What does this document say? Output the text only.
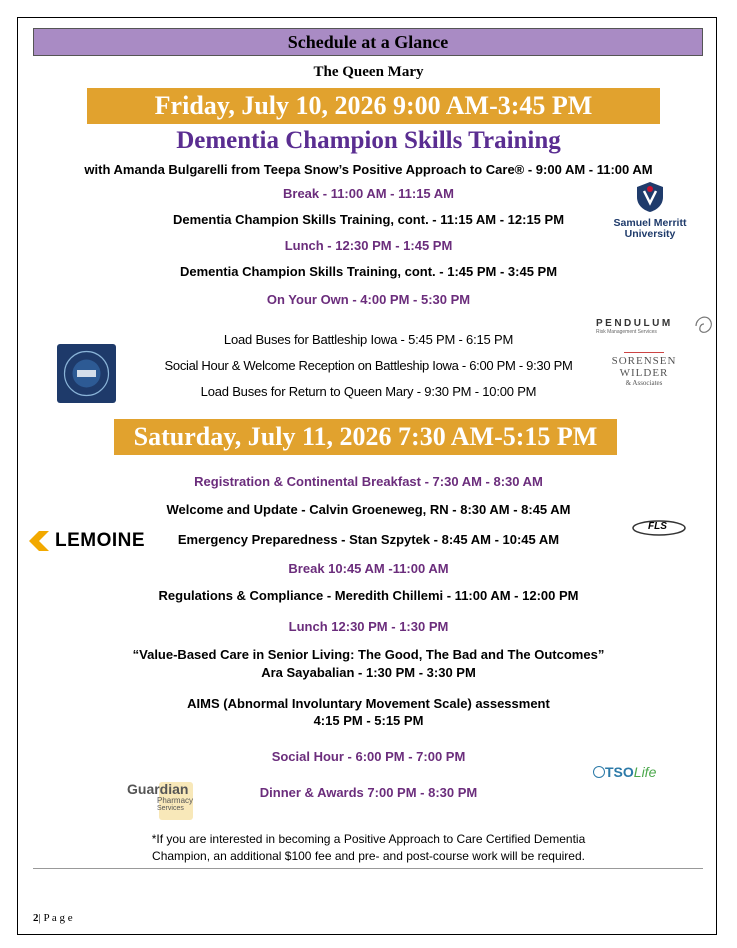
Schedule at a Glance
The Queen Mary
Friday, July 10, 2026 9:00 AM-3:45 PM
Dementia Champion Skills Training
with Amanda Bulgarelli from Teepa Snow’s Positive Approach to Care® - 9:00 AM - 11:00 AM
Break - 11:00 AM - 11:15 AM
Dementia Champion Skills Training, cont. - 11:15 AM - 12:15 PM
Lunch - 12:30 PM - 1:45 PM
Dementia Champion Skills Training, cont. - 1:45 PM - 3:45 PM
On Your Own - 4:00 PM - 5:30 PM
Load Buses for Battleship Iowa - 5:45 PM - 6:15 PM
Social Hour & Welcome Reception on Battleship Iowa - 6:00 PM - 9:30 PM
Load Buses for Return to Queen Mary - 9:30 PM - 10:00 PM
Saturday, July 11, 2026 7:30 AM-5:15 PM
Registration & Continental Breakfast - 7:30 AM - 8:30 AM
Welcome and Update - Calvin Groeneweg, RN - 8:30 AM - 8:45 AM
Emergency Preparedness - Stan Szpytek - 8:45 AM - 10:45 AM
Break 10:45 AM -11:00 AM
Regulations & Compliance - Meredith Chillemi - 11:00 AM - 12:00 PM
Lunch 12:30 PM - 1:30 PM
“Value-Based Care in Senior Living: The Good, The Bad and The Outcomes”
Ara Sayabalian - 1:30 PM - 3:30 PM
AIMS (Abnormal Involuntary Movement Scale) assessment
4:15 PM - 5:15 PM
Social Hour - 6:00 PM - 7:00 PM
Dinner & Awards 7:00 PM - 8:30 PM
*If you are interested in becoming a Positive Approach to Care Certified Dementia
Champion, an additional $100 fee and pre- and post-course work will be required.
2| P a g e
Samuel Merritt
University
PENDULUM
Risk Management Services
SORENSEN
WILDER
& Associates
LEMOINE
FLS
TSOLife
Guardian
Pharmacy
Services
